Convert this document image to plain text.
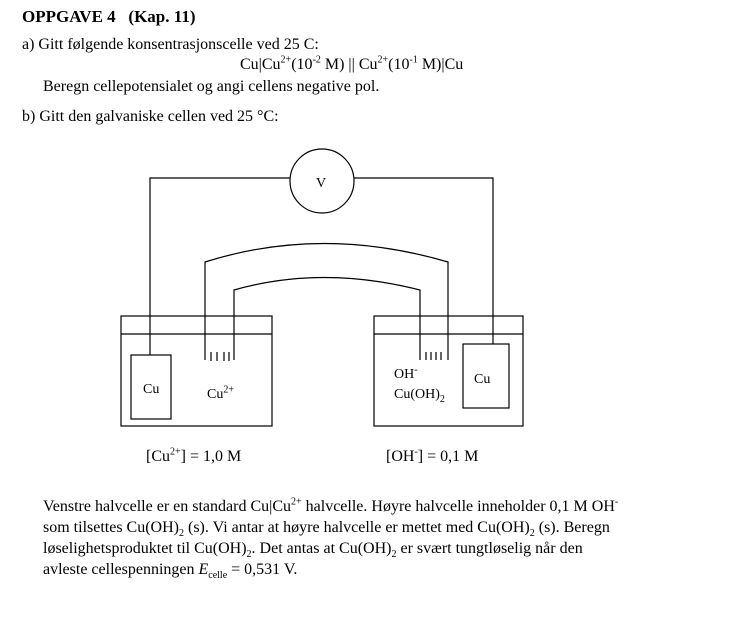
OPPGAVE 4 (Kap. 11)
a) Gitt følgende konsentrasjonscelle ved 25 C:
$Cu|Cu^{2+}(10^{-2}$ M) || $Cu^{2+}(10^{-1}$ M)|Cu
Beregn cellepotensialet og angi cellens negative pol.
b) Gitt den galvaniske cellen ved 25 °C:
V
Cu
Cu
$Cu^{2+}$
OH-
$Cu(OH)_2$
$[Cu^{2+}] = 1,0$ M	[OH-] = 0,1 M
Venstre halvcelle er en standard $Cu|Cu^{2+}$ halvcelle. Høyre halvcelle inneholder 0,1 M OH-
som tilsettes $Cu(OH)_2$ (s). Vi antar at høyre halvcelle er mettet med $Cu(OH)_2$ (s). Beregn
løselighetsproduktet til $Cu(OH)_2$. Det antas at $Cu(OH)_2$ er svært tungtløselig når den
avleste cellespenningen $E_{celle} = 0,531$ V.
